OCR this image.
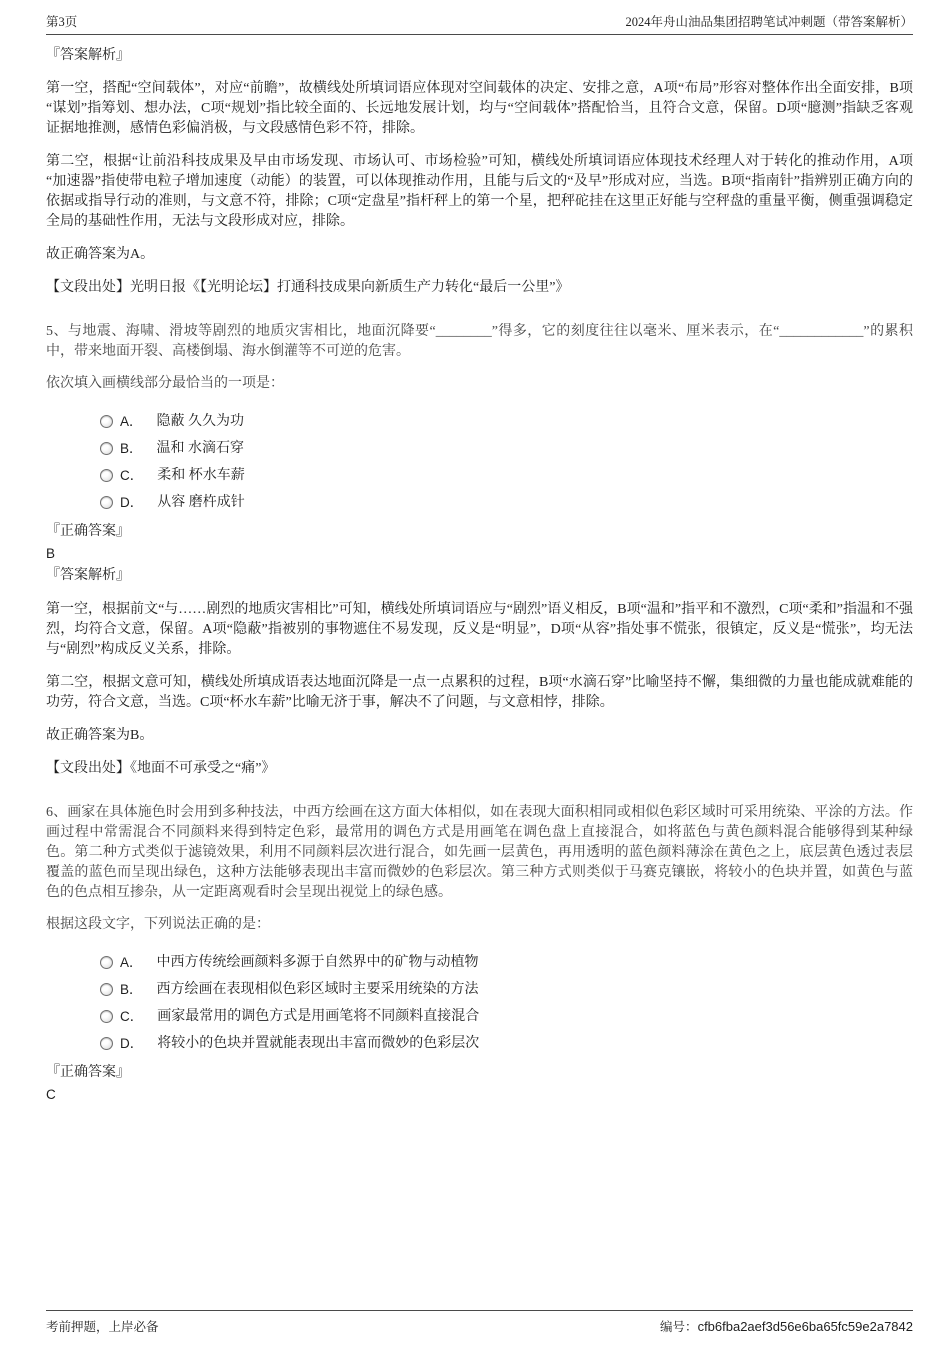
第3页	2024年舟山油品集团招聘笔试冲刺题（带答案解析）

『答案解析』

第一空，搭配“空间载体”，对应“前瞻”，故横线处所填词语应体现对空间载体的决定、安排之意，A项“布局”形容对整体作出全面安排，B项“谋划”指筹划、想办法，C项“规划”指比较全面的、长远地发展计划，均与“空间载体”搭配恰当，且符合文意，保留。D项“臆测”指缺乏客观证据地推测，感情色彩偏消极，与文段感情色彩不符，排除。

第二空，根据“让前沿科技成果及早由市场发现、市场认可、市场检验”可知，横线处所填词语应体现技术经理人对于转化的推动作用，A项“加速器”指使带电粒子增加速度（动能）的装置，可以体现推动作用，且能与后文的“及早”形成对应，当选。B项“指南针”指辨别正确方向的依据或指导行动的准则，与文意不符，排除；C项“定盘星”指杆秤上的第一个星，把秤砣挂在这里正好能与空秤盘的重量平衡，侧重强调稳定全局的基础性作用，无法与文段形成对应，排除。

故正确答案为A。

【文段出处】光明日报《【光明论坛】打通科技成果向新质生产力转化“最后一公里”》

5、与地震、海啸、滑坡等剧烈的地质灾害相比，地面沉降要“________”得多，它的刻度往往以毫米、厘米表示，在“____________”的累积中，带来地面开裂、高楼倒塌、海水倒灌等不可逆的危害。

依次填入画横线部分最恰当的一项是：

A． 隐蔽 久久为功
B． 温和 水滴石穿
C． 柔和 杯水车薪
D． 从容 磨杵成针

『正确答案』

B

『答案解析』

第一空，根据前文“与……剧烈的地质灾害相比”可知，横线处所填词语应与“剧烈”语义相反，B项“温和”指平和不激烈，C项“柔和”指温和不强烈，均符合文意，保留。A项“隐蔽”指被别的事物遮住不易发现，反义是“明显”，D项“从容”指处事不慌张，很镇定，反义是“慌张”，均无法与“剧烈”构成反义关系，排除。

第二空，根据文意可知，横线处所填成语表达地面沉降是一点一点累积的过程，B项“水滴石穿”比喻坚持不懈，集细微的力量也能成就难能的功劳，符合文意，当选。C项“杯水车薪”比喻无济于事，解决不了问题，与文意相悖，排除。

故正确答案为B。

【文段出处】《地面不可承受之“痛”》

6、画家在具体施色时会用到多种技法，中西方绘画在这方面大体相似，如在表现大面积相同或相似色彩区域时可采用统染、平涂的方法。作画过程中常需混合不同颜料来得到特定色彩，最常用的调色方式是用画笔在调色盘上直接混合，如将蓝色与黄色颜料混合能够得到某种绿色。第二种方式类似于滤镜效果，利用不同颜料层次进行混合，如先画一层黄色，再用透明的蓝色颜料薄涂在黄色之上，底层黄色透过表层覆盖的蓝色而呈现出绿色，这种方法能够表现出丰富而微妙的色彩层次。第三种方式则类似于马赛克镶嵌，将较小的色块并置，如黄色与蓝色的色点相互掺杂，从一定距离观看时会呈现出视觉上的绿色感。

根据这段文字，下列说法正确的是：

A． 中西方传统绘画颜料多源于自然界中的矿物与动植物
B． 西方绘画在表现相似色彩区域时主要采用统染的方法
C． 画家最常用的调色方式是用画笔将不同颜料直接混合
D． 将较小的色块并置就能表现出丰富而微妙的色彩层次

『正确答案』

C

考前押题，上岸必备	编号： cfb6fba2aef3d56e6ba65fc59e2a7842
